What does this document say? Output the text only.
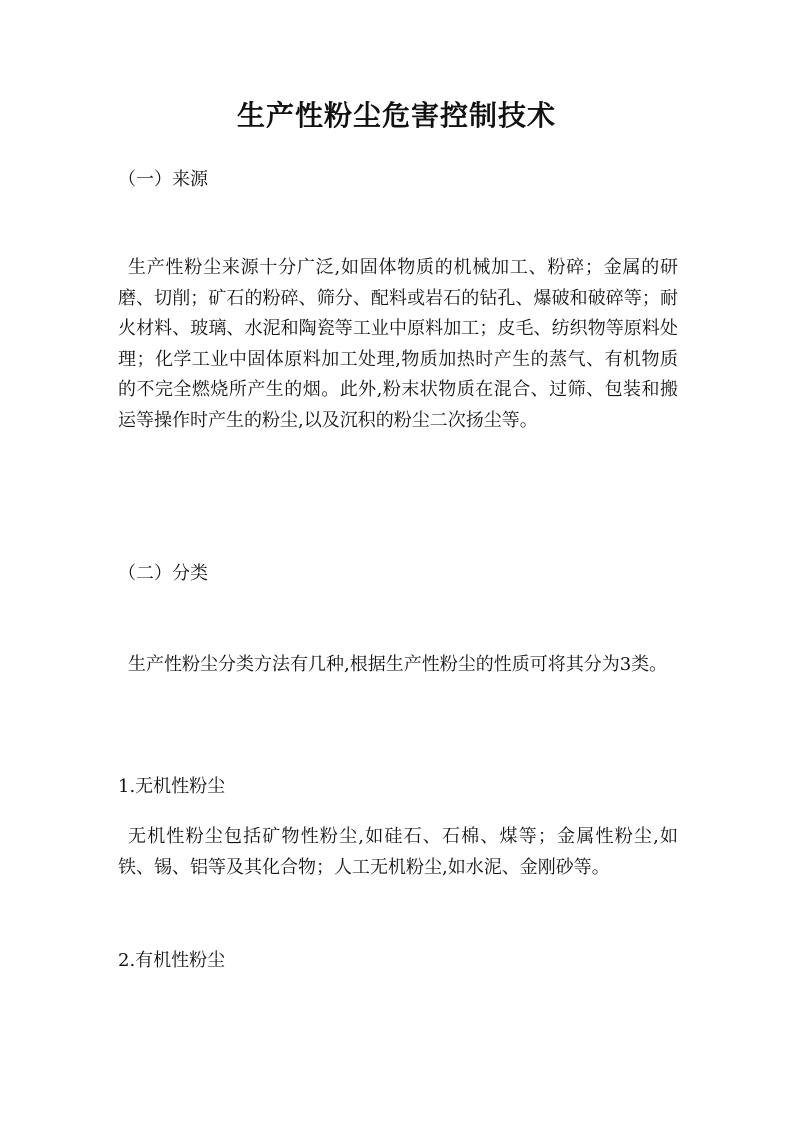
生产性粉尘危害控制技术
（一）来源

生产性粉尘来源十分广泛,如固体物质的机械加工、粉碎；金属的研磨、切削；矿石的粉碎、筛分、配料或岩石的钻孔、爆破和破碎等；耐火材料、玻璃、水泥和陶瓷等工业中原料加工；皮毛、纺织物等原料处理；化学工业中固体原料加工处理,物质加热时产生的蒸气、有机物质的不完全燃烧所产生的烟。此外,粉末状物质在混合、过筛、包装和搬运等操作时产生的粉尘,以及沉积的粉尘二次扬尘等。

（二）分类

生产性粉尘分类方法有几种,根据生产性粉尘的性质可将其分为3类。

1.无机性粉尘

无机性粉尘包括矿物性粉尘,如硅石、石棉、煤等；金属性粉尘,如铁、锡、铝等及其化合物；人工无机粉尘,如水泥、金刚砂等。

2.有机性粉尘
